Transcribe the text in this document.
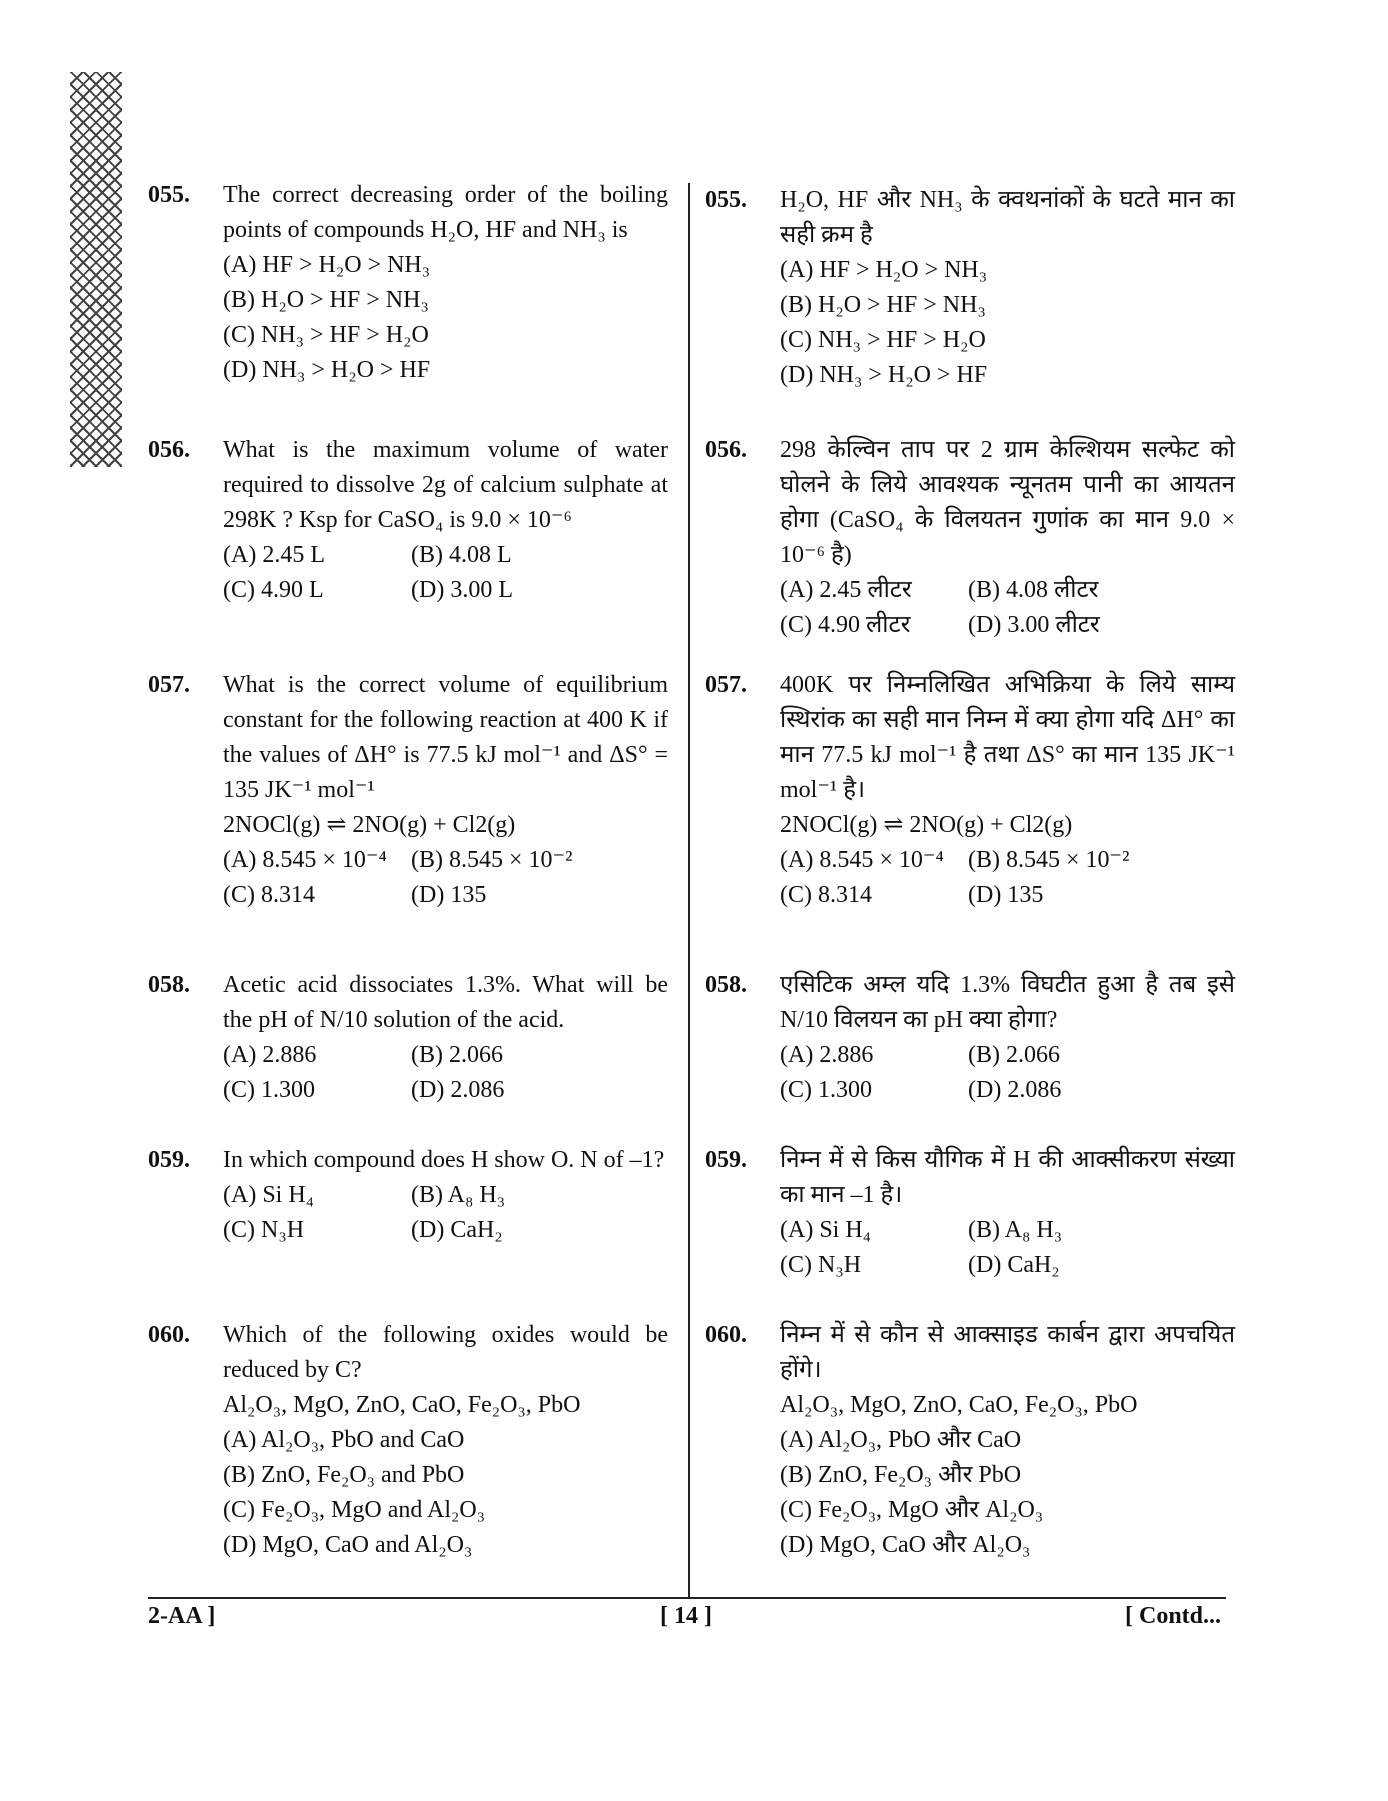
055. The correct decreasing order of the boiling points of compounds H₂O, HF and NH₃ is
(A) HF > H₂O > NH₃
(B) H₂O > HF > NH₃
(C) NH₃ > HF > H₂O
(D) NH₃ > H₂O > HF
056. What is the maximum volume of water required to dissolve 2g of calcium sulphate at 298K ? Ksp for CaSO₄ is 9.0 × 10⁻⁶
(A) 2.45 L	(B) 4.08 L
(C) 4.90 L	(D) 3.00 L
057. What is the correct volume of equilibrium constant for the following reaction at 400 K if the values of ΔH° is 77.5 kJ mol⁻¹ and ΔS° = 135 JK⁻¹ mol⁻¹
2NOCl(g) ⇌ 2NO(g) + Cl2(g)
(A) 8.545 × 10⁻⁴	(B) 8.545 × 10⁻²
(C) 8.314	(D) 135
058. Acetic acid dissociates 1.3%. What will be the pH of N/10 solution of the acid.
(A) 2.886	(B) 2.066
(C) 1.300	(D) 2.086
059. In which compound does H show O. N of –1?
(A) Si H₄	(B) A₈ H₃
(C) N₃H	(D) CaH₂
060. Which of the following oxides would be reduced by C?
Al₂O₃, MgO, ZnO, CaO, Fe₂O₃, PbO
(A) Al₂O₃, PbO and CaO
(B) ZnO, Fe₂O₃ and PbO
(C) Fe₂O₃, MgO and Al₂O₃
(D) MgO, CaO and Al₂O₃
055. H₂O, HF और NH₃ के क्वथनांकों के घटते मान का सही क्रम है
(A) HF > H₂O > NH₃
(B) H₂O > HF > NH₃
(C) NH₃ > HF > H₂O
(D) NH₃ > H₂O > HF
056. 298 केल्विन ताप पर 2 ग्राम केल्शियम सल्फेट को घोलने के लिये आवश्यक न्यूनतम पानी का आयतन होगा (CaSO₄ के विलयतन गुणांक का मान 9.0 × 10⁻⁶ है)
(A) 2.45 लीटर	(B) 4.08 लीटर
(C) 4.90 लीटर	(D) 3.00 लीटर
057. 400K पर निम्नलिखित अभिक्रिया के लिये साम्य स्थिरांक का सही मान निम्न में क्या होगा यदि ΔH° का मान 77.5 kJ mol⁻¹ है तथा ΔS° का मान 135 JK⁻¹ mol⁻¹ है।
2NOCl(g) ⇌ 2NO(g) + Cl2(g)
(A) 8.545 × 10⁻⁴	(B) 8.545 × 10⁻²
(C) 8.314	(D) 135
058. एसिटिक अम्ल यदि 1.3% विघटीत हुआ है तब इसे N/10 विलयन का pH क्या होगा?
(A) 2.886	(B) 2.066
(C) 1.300	(D) 2.086
059. निम्न में से किस यौगिक में H की आक्सीकरण संख्या का मान –1 है।
(A) Si H₄	(B) A₈ H₃
(C) N₃H	(D) CaH₂
060. निम्न में से कौन से आक्साइड कार्बन द्वारा अपचयित होंगे।
Al₂O₃, MgO, ZnO, CaO, Fe₂O₃, PbO
(A) Al₂O₃, PbO और CaO
(B) ZnO, Fe₂O₃ और PbO
(C) Fe₂O₃, MgO और Al₂O₃
(D) MgO, CaO और Al₂O₃
2-AA ]	[ 14 ]	[ Contd...
